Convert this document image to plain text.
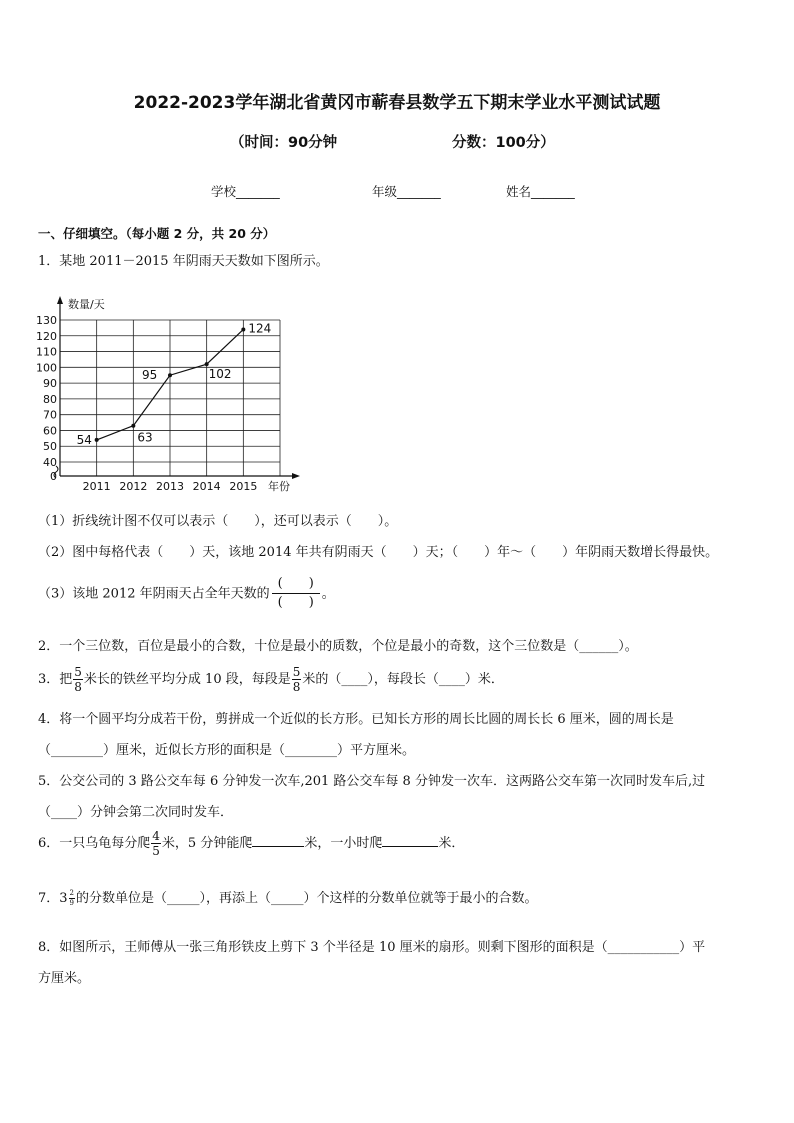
2022-2023学年湖北省黄冈市蕲春县数学五下期末学业水平测试试题
（时间：90分钟	分数：100分）
学校_______	年级_______	姓名_______
一、仔细填空。（每小题 2 分，共 20 分）
1．某地 2011－2015 年阴雨天天数如下图所示。
0
40
50
60
70
80
90
100
110
120
130
2011 2012 2013 2014 2015
数量/天
年份
54	63
95	102
124
（1）折线统计图不仅可以表示（　　），还可以表示（　　）。
（2）图中每格代表（　　）天，该地 2014 年共有阴雨天（　　）天；（　　）年～（　　）年阴雨天数增长得最快。
（3）该地 2012 年阴雨天占全年天数的
(　　)
(　　)
。
2．一个三位数，百位是最小的合数，十位是最小的质数，个位是最小的奇数，这个三位数是（______）。
3．把 $\frac{5}{8}$ 米长的铁丝平均分成 10 段，每段是 $\frac{5}{8}$ 米的（____），每段长（____）米．
4．将一个圆平均分成若干份，剪拼成一个近似的长方形。已知长方形的周长比圆的周长长 6 厘米，圆的周长是
（________）厘米，近似长方形的面积是（________）平方厘米。
5．公交公司的 3 路公交车每 6 分钟发一次车,201 路公交车每 8 分钟发一次车．这两路公交车第一次同时发车后,过
（____）分钟会第二次同时发车．
6．一只乌龟每分爬 $\frac{4}{5}$ 米，5 分钟能爬	米，一小时爬	米．
7．$3 \frac{2}{9}$ 的分数单位是（_____），再添上（_____）个这样的分数单位就等于最小的合数。
8．如图所示，王师傅从一张三角形铁皮上剪下 3 个半径是 10 厘米的扇形。则剩下图形的面积是（___________）平
方厘米。
